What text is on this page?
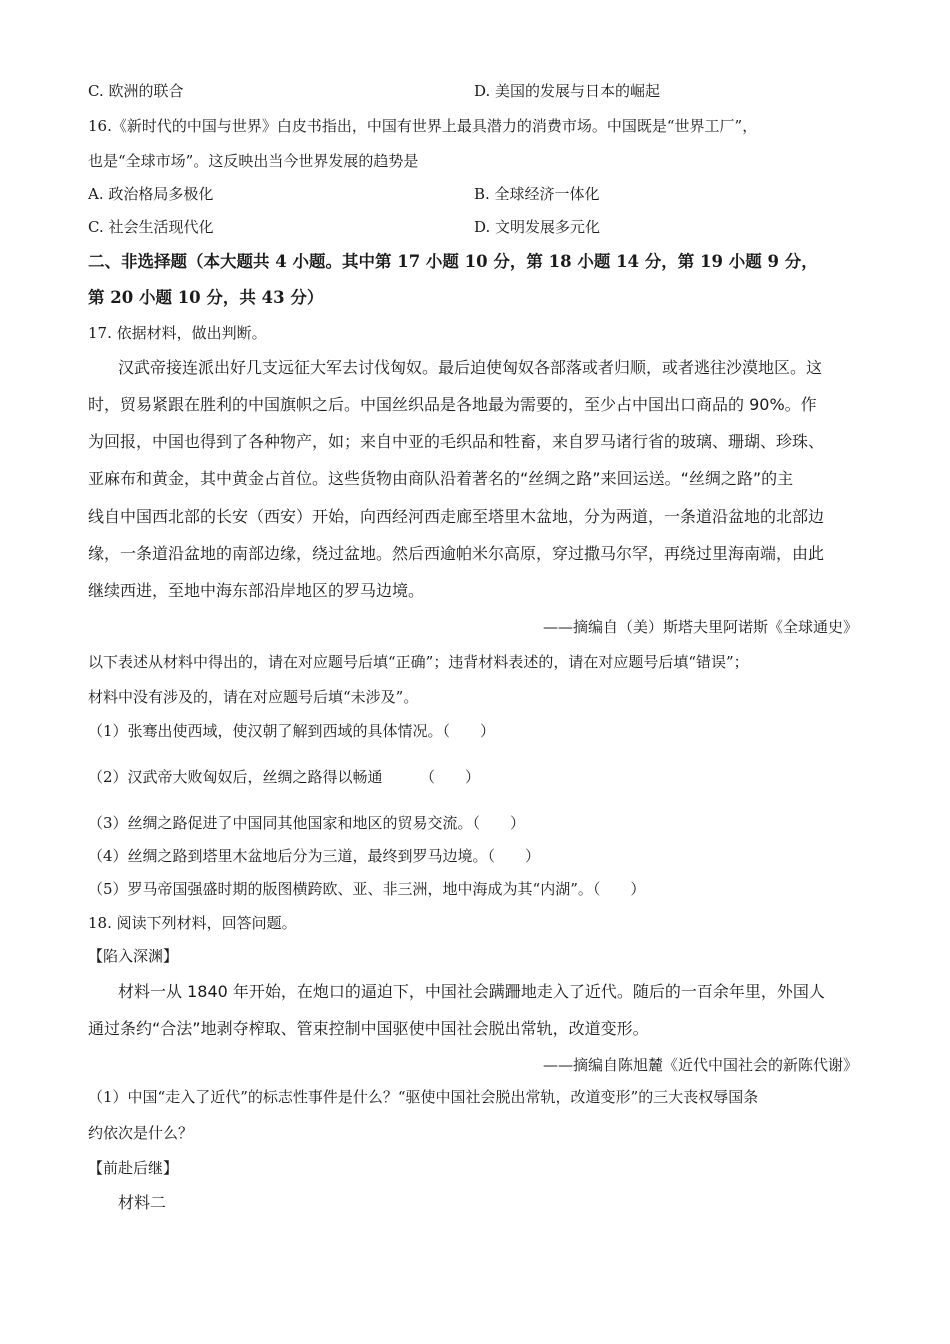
C. 欧洲的联合	D. 美国的发展与日本的崛起
16.《新时代的中国与世界》白皮书指出，中国有世界上最具潜力的消费市场。中国既是“世界工厂”，
也是“全球市场”。这反映出当今世界发展的趋势是
A. 政治格局多极化	B. 全球经济一体化
C. 社会生活现代化	D. 文明发展多元化
二、非选择题（本大题共 4 小题。其中第 17 小题 10 分，第 18 小题 14 分，第 19 小题 9 分，
第 20 小题 10 分，共 43 分）
17. 依据材料，做出判断。
汉武帝接连派出好几支远征大军去讨伐匈奴。最后迫使匈奴各部落或者归顺，或者逃往沙漠地区。这
时，贸易紧跟在胜利的中国旗帜之后。中国丝织品是各地最为需要的，至少占中国出口商品的 90%。作
为回报，中国也得到了各种物产，如；来自中亚的毛织品和牲畜，来自罗马诸行省的玻璃、珊瑚、珍珠、
亚麻布和黄金，其中黄金占首位。这些货物由商队沿着著名的“丝绸之路”来回运送。“丝绸之路”的主
线自中国西北部的长安（西安）开始，向西经河西走廊至塔里木盆地，分为两道，一条道沿盆地的北部边
缘，一条道沿盆地的南部边缘，绕过盆地。然后西逾帕米尔高原，穿过撒马尔罕，再绕过里海南端，由此
继续西进，至地中海东部沿岸地区的罗马边境。
——摘编自（美）斯塔夫里阿诺斯《全球通史》
以下表述从材料中得出的，请在对应题号后填“正确”；违背材料表述的，请在对应题号后填“错误”；
材料中没有涉及的，请在对应题号后填“未涉及”。
（1）张骞出使西域，使汉朝了解到西域的具体情况。（　　）
（2）汉武帝大败匈奴后，丝绸之路得以畅通　　　（　　）
（3）丝绸之路促进了中国同其他国家和地区的贸易交流。（　　）
（4）丝绸之路到塔里木盆地后分为三道，最终到罗马边境。（　　）
（5）罗马帝国强盛时期的版图横跨欧、亚、非三洲，地中海成为其“内湖”。（　　）
18. 阅读下列材料，回答问题。
【陷入深渊】
材料一从 1840 年开始，在炮口的逼迫下，中国社会蹒跚地走入了近代。随后的一百余年里，外国人
通过条约“合法”地剥夺榨取、管束控制中国驱使中国社会脱出常轨，改道变形。
——摘编自陈旭麓《近代中国社会的新陈代谢》
（1）中国“走入了近代”的标志性事件是什么？“驱使中国社会脱出常轨，改道变形”的三大丧权辱国条
约依次是什么？
【前赴后继】
材料二
